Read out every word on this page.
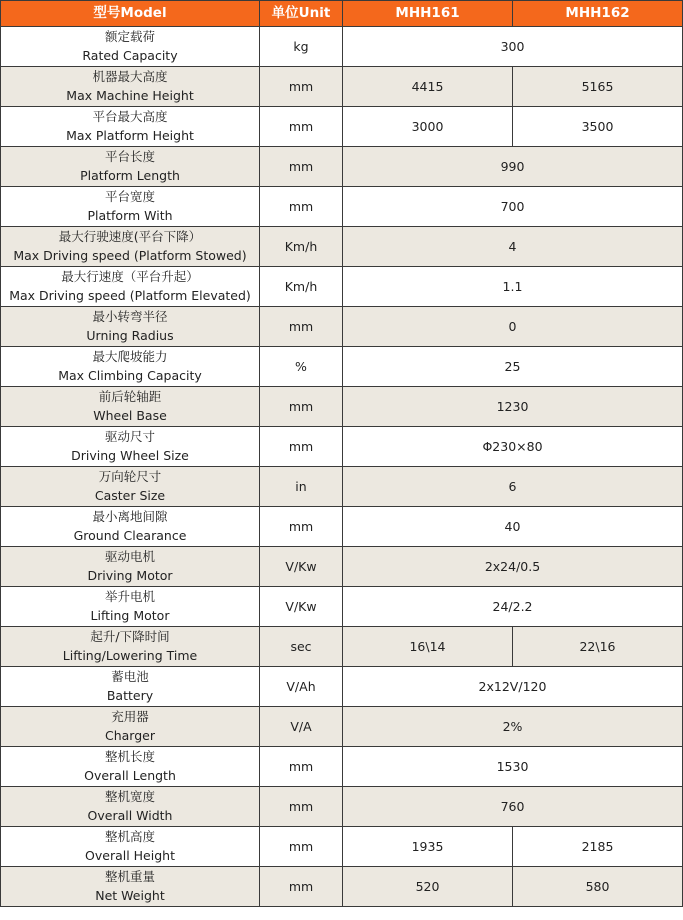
型号Model	单位Unit	MHH161	MHH162

额定载荷
Rated Capacity	kg	300	

机器最大高度
Max Machine Height	mm	4415	5165

平台最大高度
Max Platform Height	mm	3000	3500

平台长度
Platform Length	mm	990	

平台宽度
Platform With	mm	700	

最大行驶速度(平台下降）
Max Driving speed (Platform Stowed)	Km/h	4	

最大行速度（平台升起）
Max Driving speed (Platform Elevated)	Km/h	1.1	

最小转弯半径
Urning Radius	mm	0	

最大爬坡能力
Max Climbing Capacity	%	25	

前后轮轴距
Wheel Base	mm	1230	

驱动尺寸
Driving Wheel Size	mm	Φ230×80	

万向轮尺寸
Caster Size	in	6	

最小离地间隙
Ground Clearance	mm	40	

驱动电机
Driving Motor	V/Kw	2x24/0.5	

举升电机
Lifting Motor	V/Kw	24/2.2	

起升/下降时间
Lifting/Lowering Time	sec	16\14	22\16

蓄电池
Battery	V/Ah	2x12V/120	

充用器
Charger	V/A	2%	

整机长度
Overall Length	mm	1530	

整机宽度
Overall Width	mm	760	

整机高度
Overall Height	mm	1935	2185

整机重量
Net Weight	mm	520	580
